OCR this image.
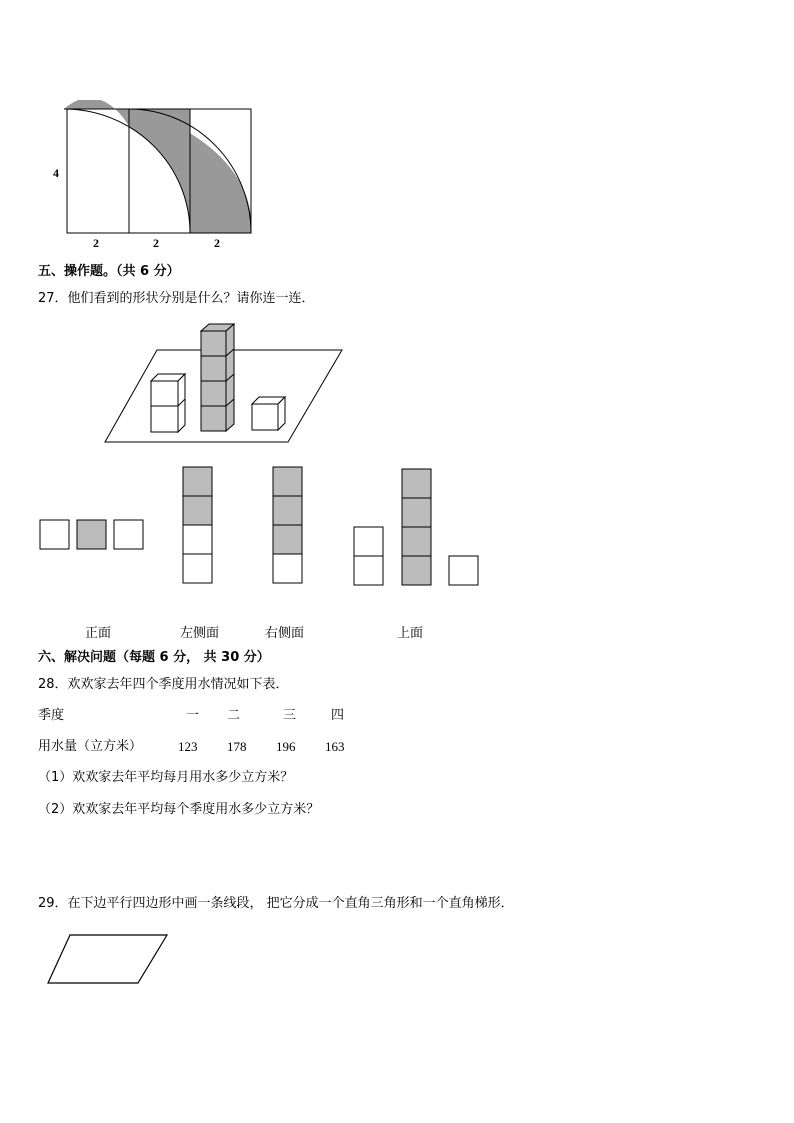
4
2	2	2
五、操作题。（共 6 分）
27．他们看到的形状分别是什么？请你连一连．
正面	左侧面	右侧面	上面
六、解决问题（每题 6 分， 共 30 分）
28．欢欢家去年四个季度用水情况如下表．
季度	一 二	三	四
用水量（立方米）	123 178 196 163
（1）欢欢家去年平均每月用水多少立方米？
（2）欢欢家去年平均每个季度用水多少立方米？
29．在下边平行四边形中画一条线段， 把它分成一个直角三角形和一个直角梯形．
